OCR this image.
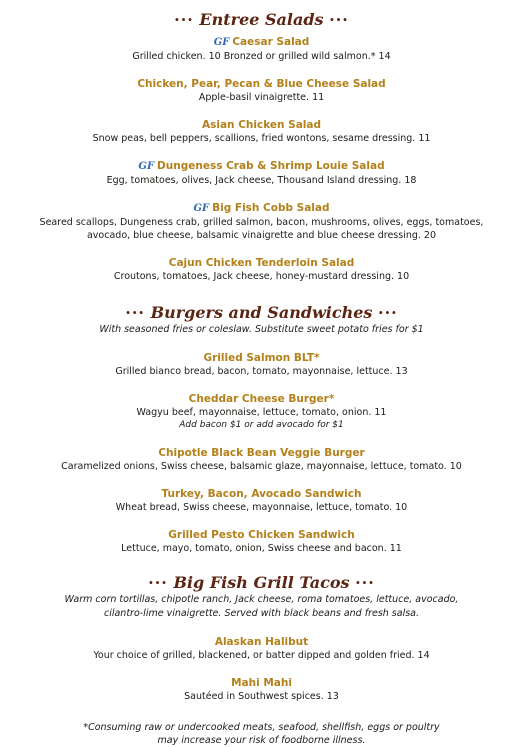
··· Entree Salads ···

GF Caesar Salad
Grilled chicken. 10 Bronzed or grilled wild salmon.* 14
Chicken, Pear, Pecan & Blue Cheese Salad
Apple-basil vinaigrette. 11
Asian Chicken Salad
Snow peas, bell peppers, scallions, fried wontons, sesame dressing. 11
GF Dungeness Crab & Shrimp Louie Salad
Egg, tomatoes, olives, Jack cheese, Thousand Island dressing. 18
GF Big Fish Cobb Salad
Seared scallops, Dungeness crab, grilled salmon, bacon, mushrooms, olives, eggs, tomatoes,
avocado, blue cheese, balsamic vinaigrette and blue cheese dressing. 20
Cajun Chicken Tenderloin Salad
Croutons, tomatoes, Jack cheese, honey-mustard dressing. 10

··· Burgers and Sandwiches ···

With seasoned fries or coleslaw. Substitute sweet potato fries for $1

Grilled Salmon BLT*
Grilled bianco bread, bacon, tomato, mayonnaise, lettuce. 13
Cheddar Cheese Burger*
Wagyu beef, mayonnaise, lettuce, tomato, onion. 11
Add bacon $1 or add avocado for $1
Chipotle Black Bean Veggie Burger
Caramelized onions, Swiss cheese, balsamic glaze, mayonnaise, lettuce, tomato. 10
Turkey, Bacon, Avocado Sandwich
Wheat bread, Swiss cheese, mayonnaise, lettuce, tomato. 10
Grilled Pesto Chicken Sandwich
Lettuce, mayo, tomato, onion, Swiss cheese and bacon. 11

··· Big Fish Grill Tacos ···

Warm corn tortillas, chipotle ranch, Jack cheese, roma tomatoes, lettuce, avocado,

cilantro-lime vinaigrette. Served with black beans and fresh salsa.

Alaskan Halibut
Your choice of grilled, blackened, or batter dipped and golden fried. 14
Mahi Mahi
Sautéed in Southwest spices. 13

*Consuming raw or undercooked meats, seafood, shellfish, eggs or poultry

may increase your risk of foodborne illness.
